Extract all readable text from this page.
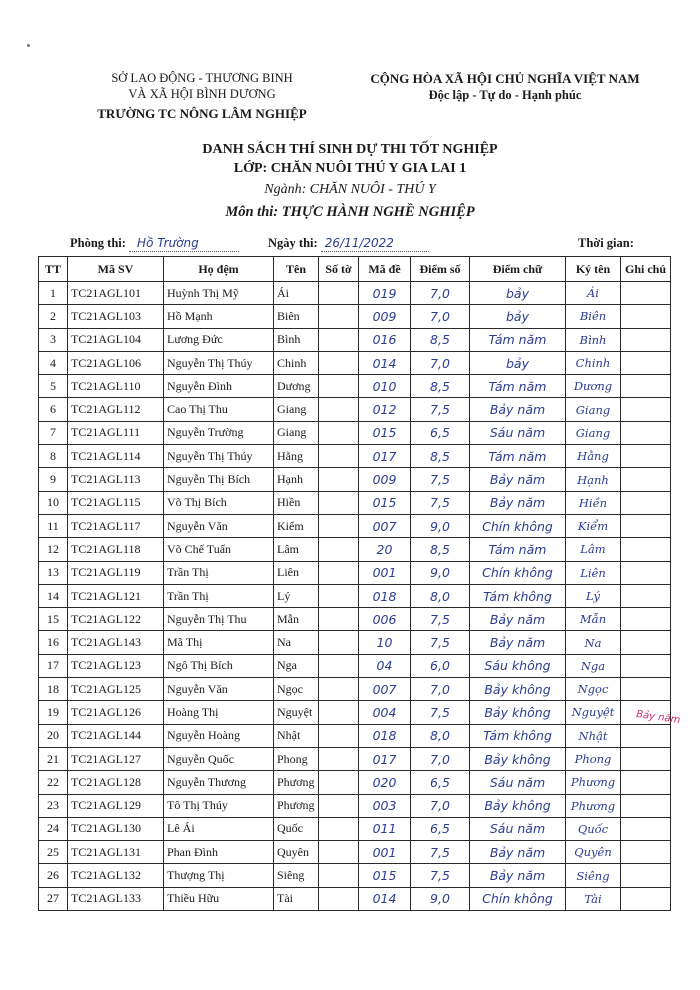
SỞ LAO ĐỘNG - THƯƠNG BINH
VÀ XÃ HỘI BÌNH DƯƠNG
TRƯỜNG TC NÔNG LÂM NGHIỆP
CỘNG HÒA XÃ HỘI CHỦ NGHĨA VIỆT NAM
Độc lập - Tự do - Hạnh phúc
DANH SÁCH THÍ SINH DỰ THI TỐT NGHIỆP
LỚP: CHĂN NUÔI THÚ Y GIA LAI 1
Ngành: CHĂN NUÔI - THÚ Y
Môn thi: THỰC HÀNH NGHỀ NGHIỆP
Phòng thi: Hồ Trường	Ngày thi: 26/11/2022	Thời gian:
TT	Mã SV	Họ đệm	Tên	Số tờ	Mã đề	Điểm số	Điểm chữ	Ký tên	Ghi chú
1	TC21AGL101	Huỳnh Thị Mỹ	Ái		019	7,0	bảy	Ái	
2	TC21AGL103	Hồ Mạnh	Biên		009	7,0	bảy	Biên	
3	TC21AGL104	Lương Đức	Bình		016	8,5	Tám năm	Bình	
4	TC21AGL106	Nguyễn Thị Thúy	Chinh		014	7,0	bảy	Chinh	
5	TC21AGL110	Nguyễn Đình	Dương		010	8,5	Tám năm	Dương	
6	TC21AGL112	Cao Thị Thu	Giang		012	7,5	Bảy năm	Giang	
7	TC21AGL111	Nguyễn Trường	Giang		015	6,5	Sáu năm	Giang	
8	TC21AGL114	Nguyễn Thị Thúy	Hằng		017	8,5	Tám năm	Hằng	
9	TC21AGL113	Nguyễn Thị Bích	Hạnh		009	7,5	Bảy năm	Hạnh	
10	TC21AGL115	Võ Thị Bích	Hiền		015	7,5	Bảy năm	Hiền	
11	TC21AGL117	Nguyễn Văn	Kiểm		007	9,0	Chín không	Kiểm	
12	TC21AGL118	Võ Chế Tuấn	Lâm		20	8,5	Tám năm	Lâm	
13	TC21AGL119	Trần Thị	Liên		001	9,0	Chín không	Liên	
14	TC21AGL121	Trần Thị	Lý		018	8,0	Tám không	Lý	
15	TC21AGL122	Nguyễn Thị Thu	Mẫn		006	7,5	Bảy năm	Mẫn	
16	TC21AGL143	Mã Thị	Na		10	7,5	Bảy năm	Na	
17	TC21AGL123	Ngô Thị Bích	Nga		04	6,0	Sáu không	Nga	
18	TC21AGL125	Nguyễn Văn	Ngọc		007	7,0	Bảy không	Ngọc	
19	TC21AGL126	Hoàng Thị	Nguyệt		004	7,5	Bảy không	Nguyệt	
20	TC21AGL144	Nguyễn Hoàng	Nhật		018	8,0	Tám không	Nhật	
21	TC21AGL127	Nguyễn Quốc	Phong		017	7,0	Bảy không	Phong	
22	TC21AGL128	Nguyễn Thương	Phương		020	6,5	Sáu năm	Phương	
23	TC21AGL129	Tô Thị Thúy	Phương		003	7,0	Bảy không	Phương	
24	TC21AGL130	Lê Ái	Quốc		011	6,5	Sáu năm	Quốc	
25	TC21AGL131	Phan Đình	Quyên		001	7,5	Bảy năm	Quyên	
26	TC21AGL132	Thượng Thị	Siêng		015	7,5	Bảy năm	Siêng	
27	TC21AGL133	Thiều Hữu	Tài		014	9,0	Chín không	Tài	
Bảy năm
